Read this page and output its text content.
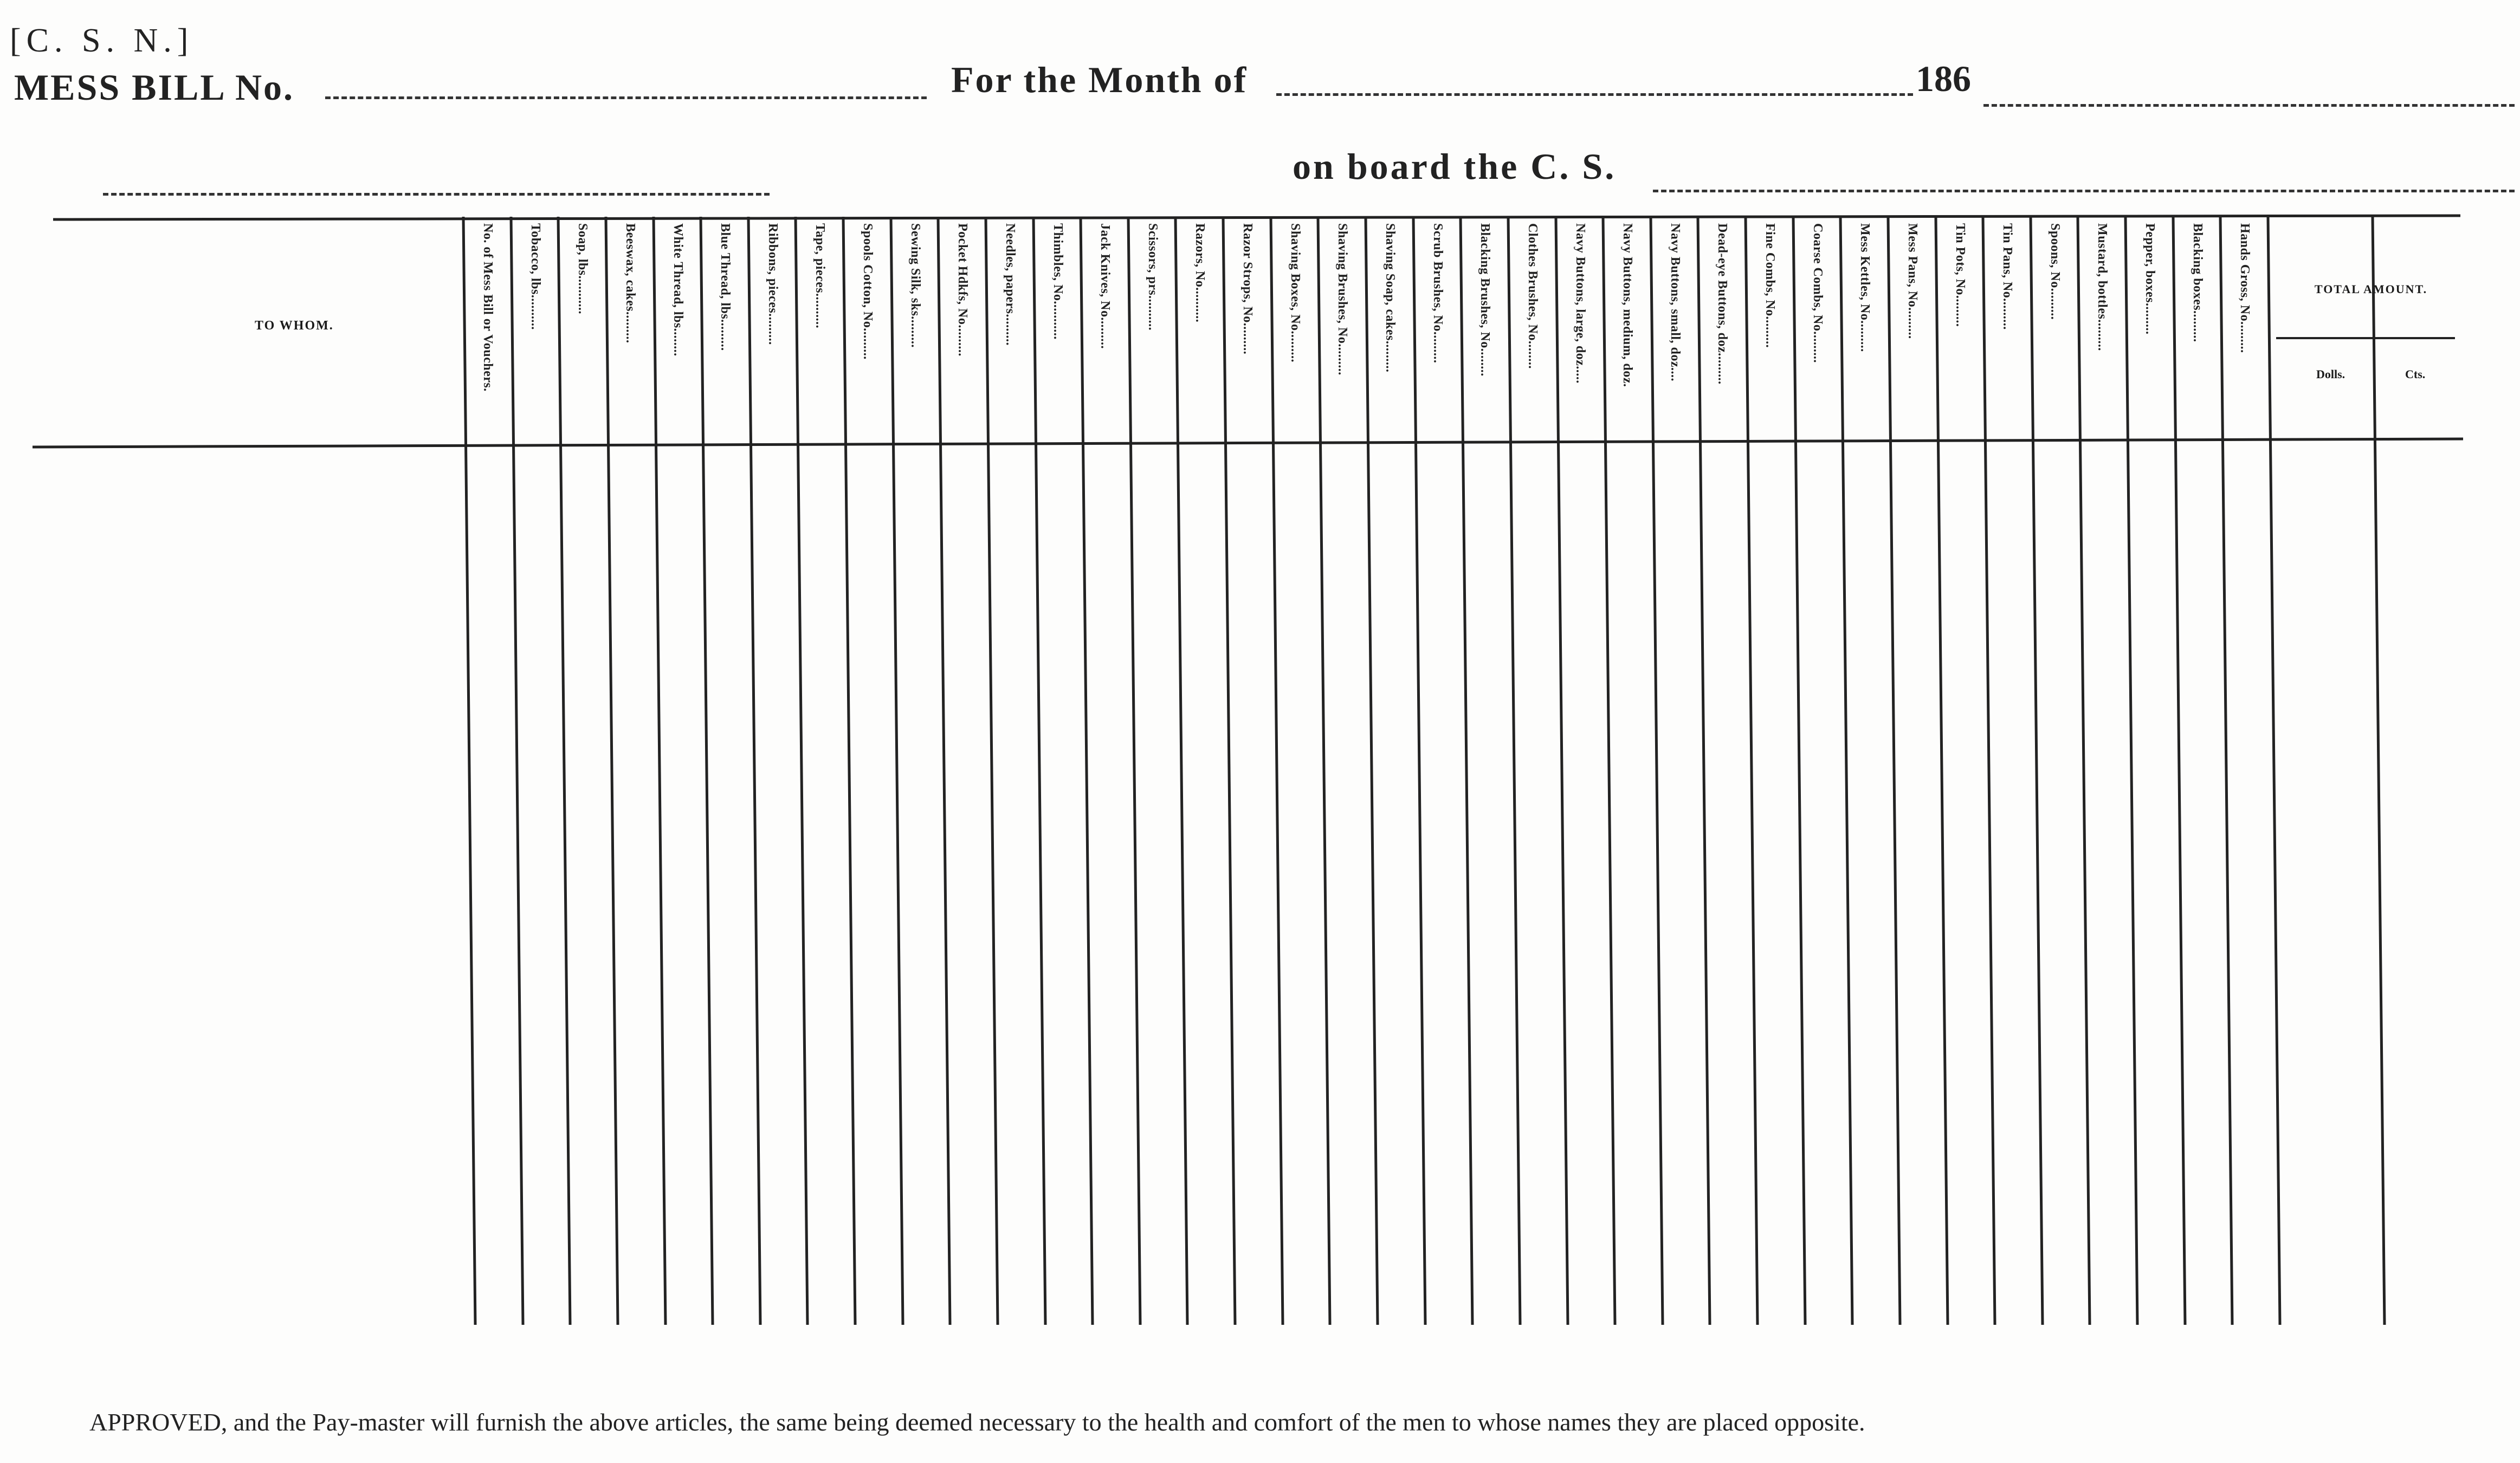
[C. S. N.]
MESS BILL No.	For the Month of	186
on board the C. S.
TO WHOM.
TOTAL AMOUNT.
Dolls.	Cts.
No. of Mess Bill or Vouchers.	Tobacco, lbs..........	Soap, lbs...........	Beeswax, cakes.........	White Thread, lbs........	Blue Thread, lbs.........	Ribbons, pieces.........	Tape, pieces..........	Spools Cotton, No.........	Sewing Silk, sks.........	Pocket Hdkfs, No.........	Needles, papers.........	Thimbles, No...........	Jack Knives, No.........	Scissors, prs..........	Razors, No..........	Razor Strops, No.........	Shaving Boxes, No.........	Shaving Brushes, No.........	Shaving Soap, cakes.........	Scrub Brushes, No.........	Blacking Brushes, No........	Clothes Brushes, No........	Navy Buttons, large, doz.....	Navy Buttons, medium, doz.	Navy Buttons, small, doz....	Dead-eye Buttons, doz.........	Fine Combs, No.........	Coarse Combs, No.........	Mess Kettles, No.........	Mess Pans, No.........	Tin Pots, No.........	Tin Pans, No.........	Spoons, No.........	Mustard, bottles.........	Pepper, boxes.........	Blacking boxes.........	Hands Gross, No.........
APPROVED, and the Pay-master will furnish the above articles, the same being deemed necessary to the health and comfort of the men to whose names they are placed opposite.
